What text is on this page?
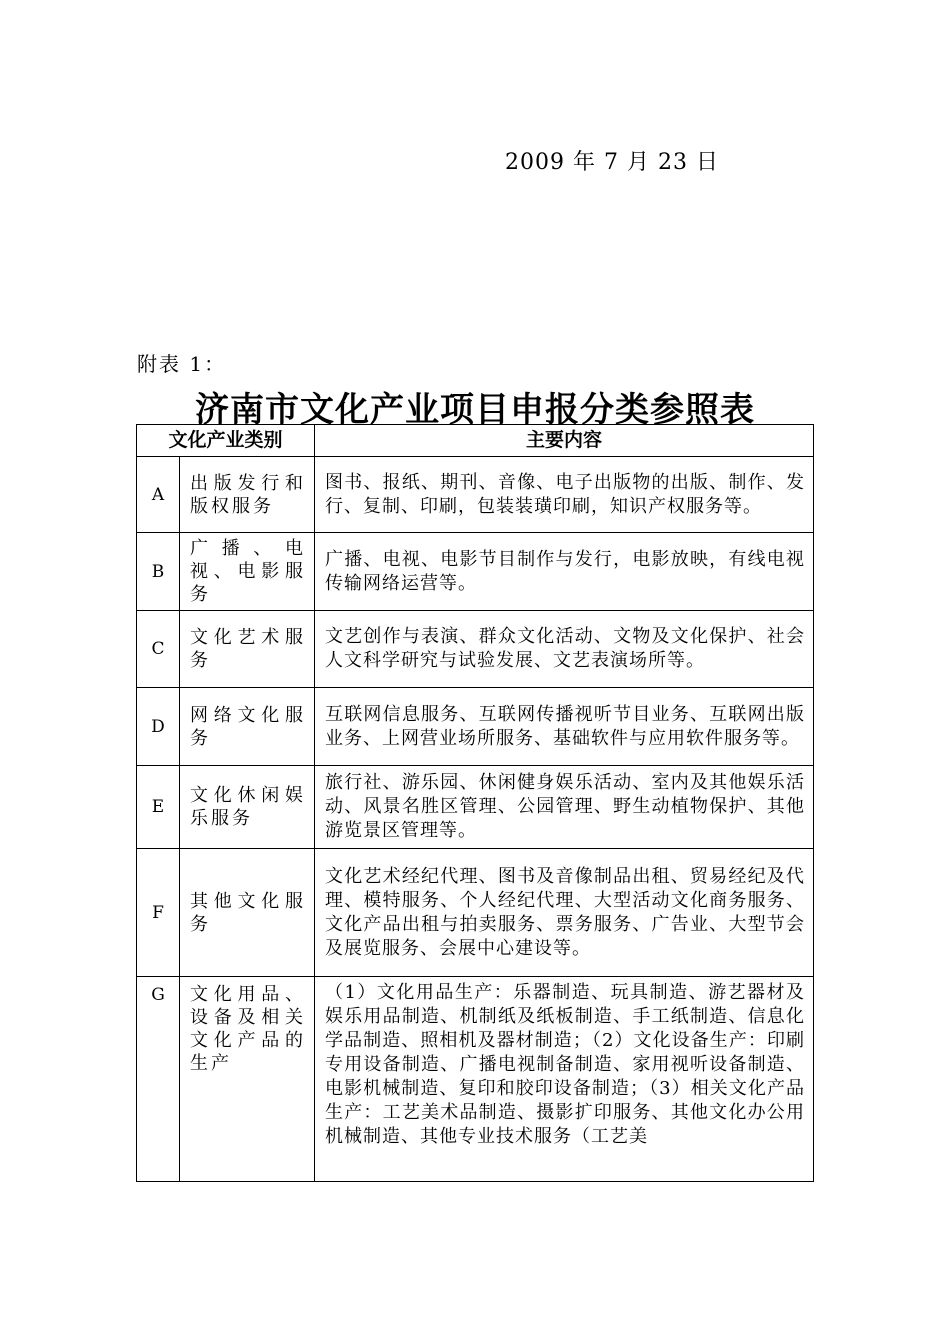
2009 年 7 月 23 日
附表 1：
济南市文化产业项目申报分类参照表
文化产业类别		主要内容
A	出版发行和版权服务	图书、报纸、期刊、音像、电子出版物的出版、制作、发行、复制、印刷，包装装璜印刷，知识产权服务等。
B	广播、电视、电影服务	广播、电视、电影节目制作与发行，电影放映，有线电视传输网络运营等。
C	文化艺术服务	文艺创作与表演、群众文化活动、文物及文化保护、社会人文科学研究与试验发展、文艺表演场所等。
D	网络文化服务	互联网信息服务、互联网传播视听节目业务、互联网出版业务、上网营业场所服务、基础软件与应用软件服务等。
E	文化休闲娱乐服务	旅行社、游乐园、休闲健身娱乐活动、室内及其他娱乐活动、风景名胜区管理、公园管理、野生动植物保护、其他游览景区管理等。
F	其他文化服务	文化艺术经纪代理、图书及音像制品出租、贸易经纪及代理、模特服务、个人经纪代理、大型活动文化商务服务、文化产品出租与拍卖服务、票务服务、广告业、大型节会及展览服务、会展中心建设等。
G	文化用品、设备及相关文化产品的生产	（1）文化用品生产：乐器制造、玩具制造、游艺器材及娱乐用品制造、机制纸及纸板制造、手工纸制造、信息化学品制造、照相机及器材制造；（2）文化设备生产：印刷专用设备制造、广播电视制备制造、家用视听设备制造、电影机械制造、复印和胶印设备制造；（3）相关文化产品生产：工艺美术品制造、摄影扩印服务、其他文化办公用机械制造、其他专业技术服务（工艺美
